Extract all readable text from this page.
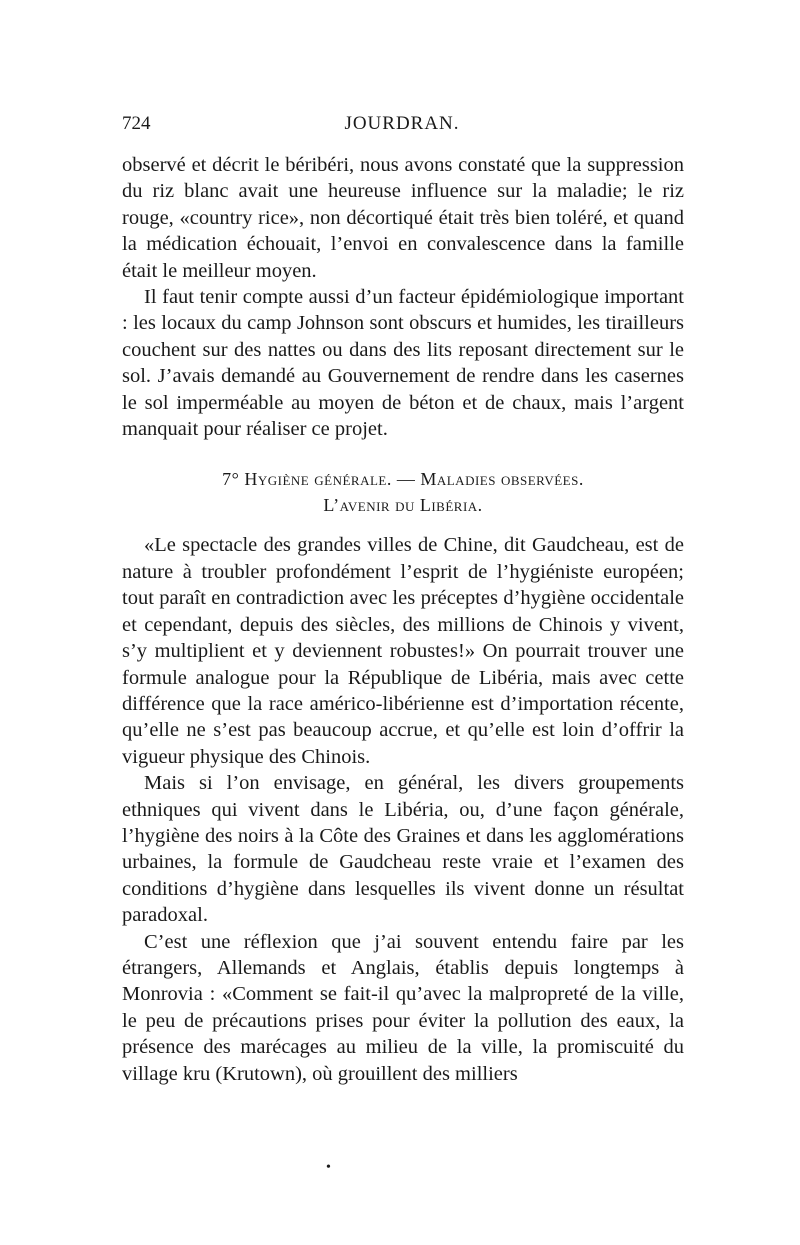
724	JOURDRAN.

observé et décrit le béribéri, nous avons constaté que la suppression du riz blanc avait une heureuse influence sur la maladie; le riz rouge, «country rice», non décortiqué était très bien toléré, et quand la médication échouait, l’envoi en convalescence dans la famille était le meilleur moyen.

Il faut tenir compte aussi d’un facteur épidémiologique important : les locaux du camp Johnson sont obscurs et humides, les tirailleurs couchent sur des nattes ou dans des lits reposant directement sur le sol. J’avais demandé au Gouvernement de rendre dans les casernes le sol imperméable au moyen de béton et de chaux, mais l’argent manquait pour réaliser ce projet.

7° Hygiène générale. — Maladies observées.
L’avenir du Libéria.

«Le spectacle des grandes villes de Chine, dit Gaudcheau, est de nature à troubler profondément l’esprit de l’hygiéniste européen; tout paraît en contradiction avec les préceptes d’hygiène occidentale et cependant, depuis des siècles, des millions de Chinois y vivent, s’y multiplient et y deviennent robustes!» On pourrait trouver une formule analogue pour la République de Libéria, mais avec cette différence que la race américo-libérienne est d’importation récente, qu’elle ne s’est pas beaucoup accrue, et qu’elle est loin d’offrir la vigueur physique des Chinois.

Mais si l’on envisage, en général, les divers groupements ethniques qui vivent dans le Libéria, ou, d’une façon générale, l’hygiène des noirs à la Côte des Graines et dans les agglomérations urbaines, la formule de Gaudcheau reste vraie et l’examen des conditions d’hygiène dans lesquelles ils vivent donne un résultat paradoxal.

C’est une réflexion que j’ai souvent entendu faire par les étrangers, Allemands et Anglais, établis depuis longtemps à Monrovia : «Comment se fait-il qu’avec la malpropreté de la ville, le peu de précautions prises pour éviter la pollution des eaux, la présence des marécages au milieu de la ville, la promiscuité du village kru (Krutown), où grouillent des milliers

•
